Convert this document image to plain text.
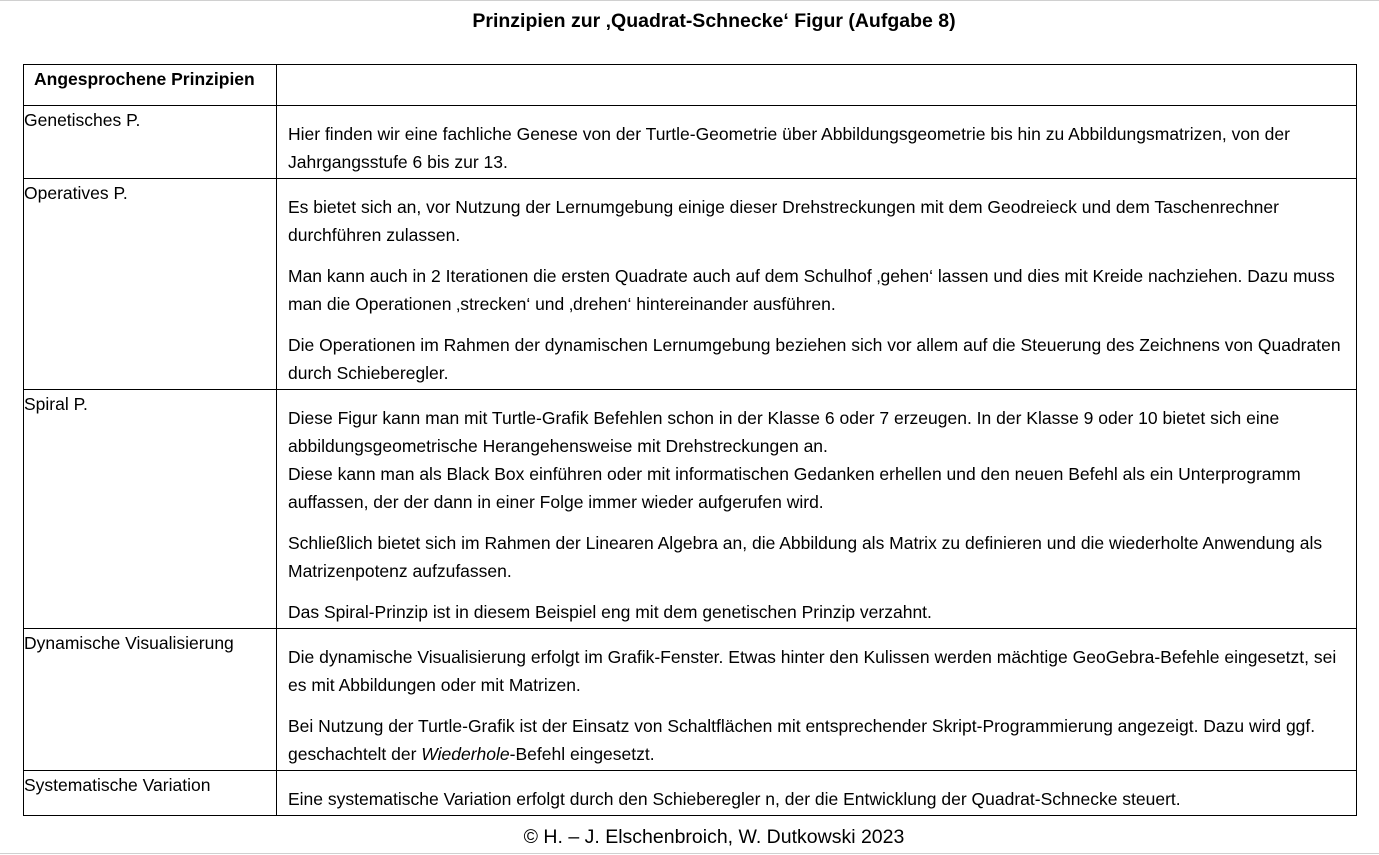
Prinzipien zur ‚Quadrat-Schnecke‘ Figur (Aufgabe 8)
Angesprochene Prinzipien	

Genetisches P.	Hier finden wir eine fachliche Genese von der Turtle-Geometrie über Abbildungsgeometrie bis hin zu Abbildungsmatrizen, von der Jahrgangsstufe 6 bis zur 13.

Operatives P.	Es bietet sich an, vor Nutzung der Lernumgebung einige dieser Drehstreckungen mit dem Geodreieck und dem Taschenrechner durchführen zulassen.
Man kann auch in 2 Iterationen die ersten Quadrate auch auf dem Schulhof ‚gehen‘ lassen und dies mit Kreide nachziehen. Dazu muss man die Operationen ‚strecken‘ und ‚drehen‘ hintereinander ausführen.
Die Operationen im Rahmen der dynamischen Lernumgebung beziehen sich vor allem auf die Steuerung des Zeichnens von Quadraten durch Schieberegler.

Spiral P.	Diese Figur kann man mit Turtle-Grafik Befehlen schon in der Klasse 6 oder 7 erzeugen. In der Klasse 9 oder 10 bietet sich eine abbildungsgeometrische Herangehensweise mit Drehstreckungen an.
Diese kann man als Black Box einführen oder mit informatischen Gedanken erhellen und den neuen Befehl als ein Unterprogramm auffassen, der der dann in einer Folge immer wieder aufgerufen wird.
Schließlich bietet sich im Rahmen der Linearen Algebra an, die Abbildung als Matrix zu definieren und die wiederholte Anwendung als Matrizenpotenz aufzufassen.
Das Spiral-Prinzip ist in diesem Beispiel eng mit dem genetischen Prinzip verzahnt.

Dynamische Visualisierung	Die dynamische Visualisierung erfolgt im Grafik-Fenster. Etwas hinter den Kulissen werden mächtige GeoGebra-Befehle eingesetzt, sei es mit Abbildungen oder mit Matrizen.
Bei Nutzung der Turtle-Grafik ist der Einsatz von Schaltflächen mit entsprechender Skript-Programmierung angezeigt. Dazu wird ggf. geschachtelt der Wiederhole-Befehl eingesetzt.

Systematische Variation	Eine systematische Variation erfolgt durch den Schieberegler n, der die Entwicklung der Quadrat-Schnecke steuert.
© H. – J. Elschenbroich, W. Dutkowski 2023
